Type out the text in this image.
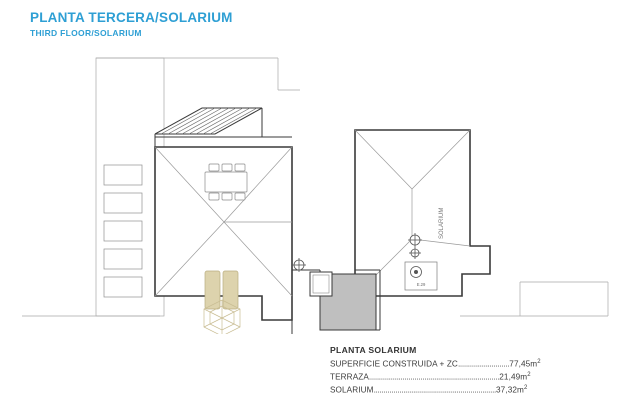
PLANTA TERCERA/SOLARIUM
THIRD FLOOR/SOLARIUM
E.29
SOLARIUM
PLANTA SOLARIUM
SUPERFICIE CONSTRUIDA + $ZC..........................77,45m^2$
$TERRAZA..................................................................21,49m^2$
$SOLARIUM..............................................................37,32m^2$
